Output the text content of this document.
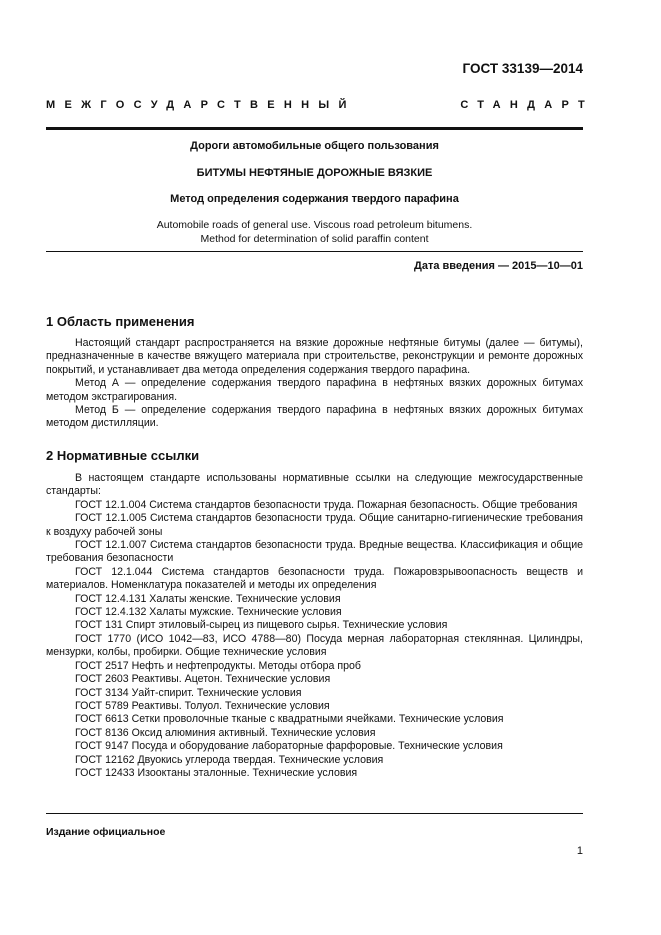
ГОСТ 33139—2014
МЕЖГОСУДАРСТВЕННЫЙ	СТАНДАРТ
Дороги автомобильные общего пользования
БИТУМЫ НЕФТЯНЫЕ ДОРОЖНЫЕ ВЯЗКИЕ
Метод определения содержания твердого парафина
Automobile roads of general use. Viscous road petroleum bitumens.
Method for determination of solid paraffin content
Дата введения — 2015—10—01

1 Область применения

Настоящий стандарт распространяется на вязкие дорожные нефтяные битумы (далее — битумы), предназначенные в качестве вяжущего материала при строительстве, реконструкции и ремонте дорожных покрытий, и устанавливает два метода определения содержания твердого парафина.
Метод А — определение содержания твердого парафина в нефтяных вязких дорожных битумах методом экстрагирования.
Метод Б — определение содержания твердого парафина в нефтяных вязких дорожных битумах методом дистилляции.

2 Нормативные ссылки

В настоящем стандарте использованы нормативные ссылки на следующие межгосударственные стандарты:
ГОСТ 12.1.004 Система стандартов безопасности труда. Пожарная безопасность. Общие требования
ГОСТ 12.1.005 Система стандартов безопасности труда. Общие санитарно-гигиенические требования к воздуху рабочей зоны
ГОСТ 12.1.007 Система стандартов безопасности труда. Вредные вещества. Классификация и общие требования безопасности
ГОСТ 12.1.044 Система стандартов безопасности труда. Пожаровзрывоопасность веществ и материалов. Номенклатура показателей и методы их определения
ГОСТ 12.4.131 Халаты женские. Технические условия
ГОСТ 12.4.132 Халаты мужские. Технические условия
ГОСТ 131 Спирт этиловый-сырец из пищевого сырья. Технические условия
ГОСТ 1770 (ИСО 1042—83, ИСО 4788—80) Посуда мерная лабораторная стеклянная. Цилиндры, мензурки, колбы, пробирки. Общие технические условия
ГОСТ 2517 Нефть и нефтепродукты. Методы отбора проб
ГОСТ 2603 Реактивы. Ацетон. Технические условия
ГОСТ 3134 Уайт-спирит. Технические условия
ГОСТ 5789 Реактивы. Толуол. Технические условия
ГОСТ 6613 Сетки проволочные тканые с квадратными ячейками. Технические условия
ГОСТ 8136 Оксид алюминия активный. Технические условия
ГОСТ 9147 Посуда и оборудование лабораторные фарфоровые. Технические условия
ГОСТ 12162 Двуокись углерода твердая. Технические условия
ГОСТ 12433 Изооктаны эталонные. Технические условия
Издание официальное
1
